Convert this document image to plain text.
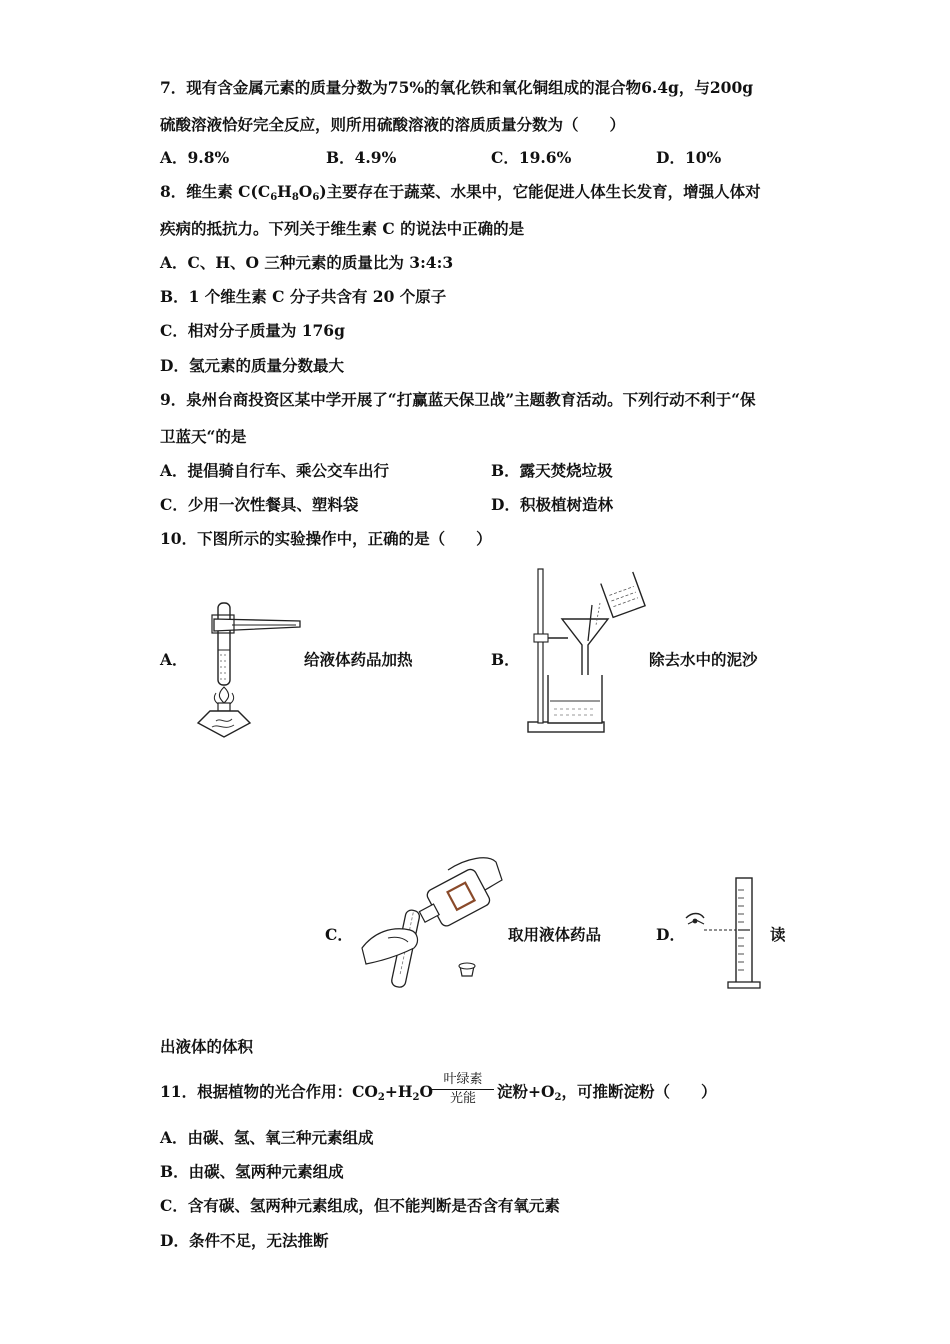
7．现有含金属元素的质量分数为75%的氧化铁和氧化铜组成的混合物6.4g，与200g
硫酸溶液恰好完全反应，则所用硫酸溶液的溶质质量分数为（　　）
A．9.8%	B．4.9%	C．19.6%	D．10%
8．维生素 $C(C_6H_8O_6)$主要存在于蔬菜、水果中，它能促进人体生长发育，增强人体对
疾病的抵抗力。下列关于维生素 C 的说法中正确的是
A．C、H、O 三种元素的质量比为 3:4:3
B．1 个维生素 C 分子共含有 20 个原子
C．相对分子质量为 176g
D．氢元素的质量分数最大
9．泉州台商投资区某中学开展了“打赢蓝天保卫战”主题教育活动。下列行动不利于“保
卫蓝天“的是
A．提倡骑自行车、乘公交车出行	B．露天焚烧垃圾
C．少用一次性餐具、塑料袋	D．积极植树造林
10．下图所示的实验操作中，正确的是（　　）
A．	给液体药品加热	B．	除去水中的泥沙
C．	取用液体药品	D．	读
出液体的体积
11．根据植物的光合作用：$CO_2+H_2O$	淀粉$+O_2$，可推断淀粉（　　）
叶绿素
光能
A．由碳、氢、氧三种元素组成
B．由碳、氢两种元素组成
C．含有碳、氢两种元素组成，但不能判断是否含有氧元素
D．条件不足，无法推断
